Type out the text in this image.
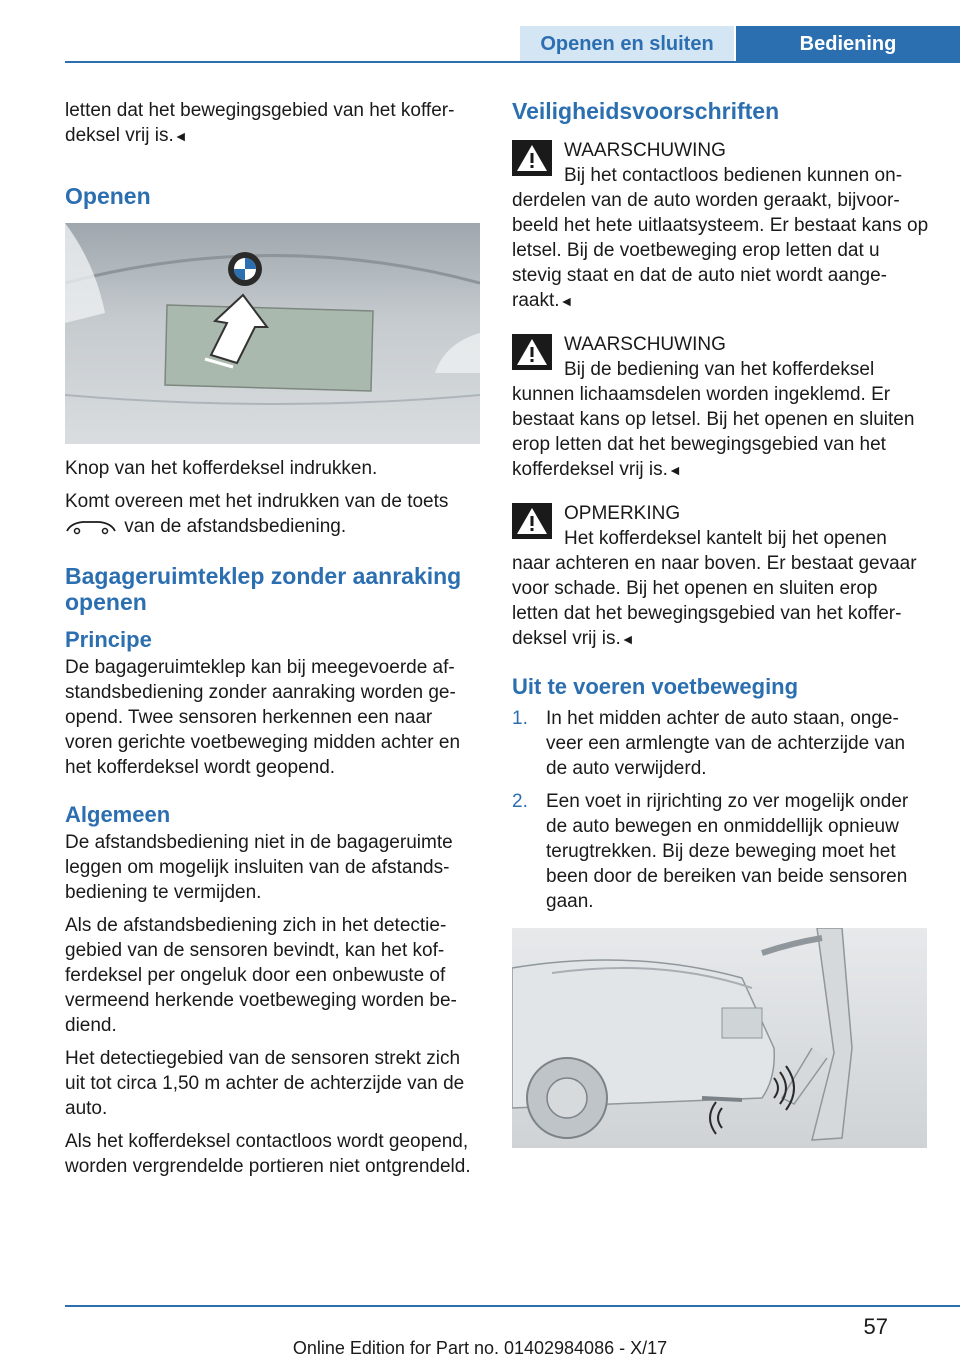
Openen en sluiten	Bediening

letten dat het bewegingsgebied van het kofferdeksel vrij is.◄

Openen

Knop van het kofferdeksel indrukken.

Komt overeen met het indrukken van de toets
van de afstandsbediening.

Bagageruimteklep zonder aanraking openen
Principe

De bagageruimteklep kan bij meegevoerde afstandsbediening zonder aanraking worden geopend. Twee sensoren herkennen een naar voren gerichte voetbeweging midden achter en het kofferdeksel wordt geopend.

Algemeen

De afstandsbediening niet in de bagageruimte leggen om mogelijk insluiten van de afstandsbediening te vermijden.

Als de afstandsbediening zich in het detectiegebied van de sensoren bevindt, kan het kofferdeksel per ongeluk door een onbewuste of vermeend herkende voetbeweging worden bediend.

Het detectiegebied van de sensoren strekt zich uit tot circa 1,50 m achter de achterzijde van de auto.

Als het kofferdeksel contactloos wordt geopend, worden vergrendelde portieren niet ontgrendeld.

Veiligheidsvoorschriften
WAARSCHUWING
Bij het contactloos bedienen kunnen onderdelen van de auto worden geraakt, bijvoorbeeld het hete uitlaatsysteem. Er bestaat kans op letsel. Bij de voetbeweging erop letten dat u stevig staat en dat de auto niet wordt aangeraakt.◄
WAARSCHUWING
Bij de bediening van het kofferdeksel kunnen lichaamsdelen worden ingeklemd. Er bestaat kans op letsel. Bij het openen en sluiten erop letten dat het bewegingsgebied van het kofferdeksel vrij is.◄
OPMERKING
Het kofferdeksel kantelt bij het openen naar achteren en naar boven. Er bestaat gevaar voor schade. Bij het openen en sluiten erop letten dat het bewegingsgebied van het kofferdeksel vrij is.◄
Uit te voeren voetbeweging
1. In het midden achter de auto staan, ongeveer een armlengte van de achterzijde van de auto verwijderd.
2. Een voet in rijrichting zo ver mogelijk onder de auto bewegen en onmiddellijk opnieuw terugtrekken. Bij deze beweging moet het been door de bereiken van beide sensoren gaan.
57
Online Edition for Part no. 01402984086 - X/17
